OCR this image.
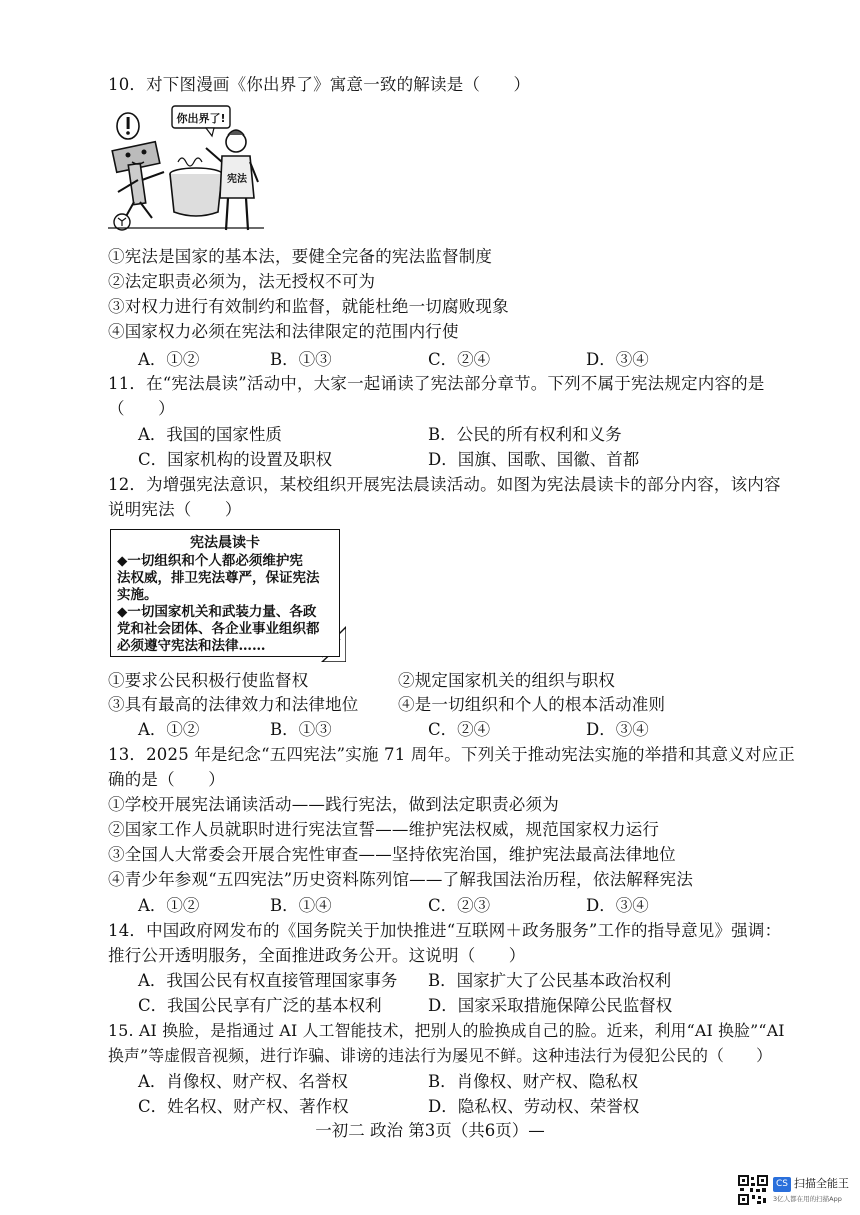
10．对下图漫画《你出界了》寓意一致的解读是（　　）
你出界了!
宪法
①宪法是国家的基本法，要健全完备的宪法监督制度
②法定职责必须为，法无授权不可为
③对权力进行有效制约和监督，就能杜绝一切腐败现象
④国家权力必须在宪法和法律限定的范围内行使
A．①②	B．①③	C．②④	D．③④
11．在“宪法晨读”活动中，大家一起诵读了宪法部分章节。下列不属于宪法规定内容的是
（　　）
A．我国的国家性质	B．公民的所有权利和义务
C．国家机构的设置及职权	D．国旗、国歌、国徽、首都
12．为增强宪法意识，某校组织开展宪法晨读活动。如图为宪法晨读卡的部分内容，该内容
说明宪法（　　）
宪法晨读卡
◆一切组织和个人都必须维护宪
法权威，排卫宪法尊严，保证宪法
实施。
◆一切国家机关和武装力量、各政
党和社会团体、各企业事业组织都
必须遵守宪法和法律……
①要求公民积极行使监督权	②规定国家机关的组织与职权
③具有最高的法律效力和法律地位 ④是一切组织和个人的根本活动准则
A．①②	B．①③	C．②④	D．③④
13．2025 年是纪念“五四宪法”实施 71 周年。下列关于推动宪法实施的举措和其意义对应正
确的是（　　）
①学校开展宪法诵读活动——践行宪法，做到法定职责必须为
②国家工作人员就职时进行宪法宣誓——维护宪法权威，规范国家权力运行
③全国人大常委会开展合宪性审查——坚持依宪治国，维护宪法最高法律地位
④青少年参观“五四宪法”历史资料陈列馆——了解我国法治历程，依法解释宪法
A．①②	B．①④	C．②③	D．③④
14．中国政府网发布的《国务院关于加快推进“互联网＋政务服务”工作的指导意见》强调：
推行公开透明服务，全面推进政务公开。这说明（　　）
A．我国公民有权直接管理国家事务 B．国家扩大了公民基本政治权利
C．我国公民享有广泛的基本权利	D．国家采取措施保障公民监督权
15. AI 换脸，是指通过 AI 人工智能技术，把别人的脸换成自己的脸。近来，利用“AI 换脸”“AI
换声”等虚假音视频，进行诈骗、诽谤的违法行为屡见不鲜。这种违法行为侵犯公民的（　　）
A．肖像权、财产权、名誉权	B．肖像权、财产权、隐私权
C．姓名权、财产权、著作权	D．隐私权、劳动权、荣誉权
一初二 政治 第3页（共6页）—
CS 扫描全能王
3亿人都在用的扫描App
